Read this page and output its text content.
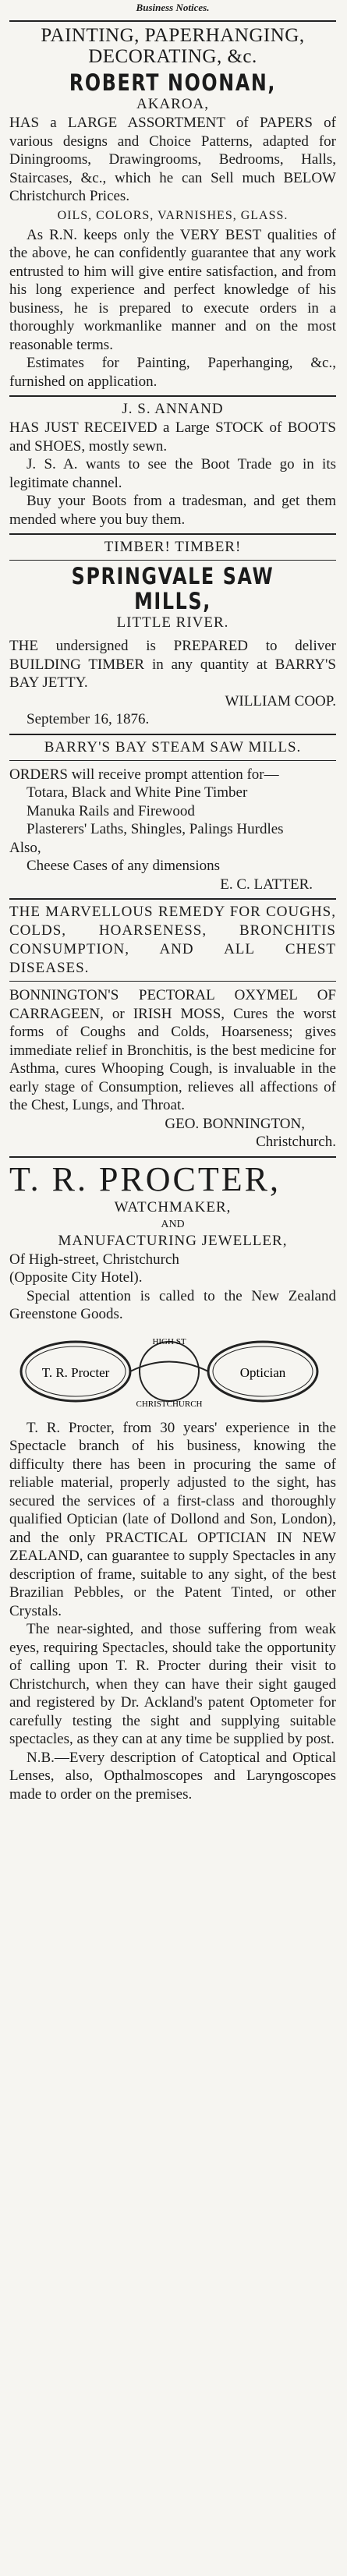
Business Notices.
PAINTING, PAPERHANGING, DECORATING, &c.
ROBERT NOONAN,
AKAROA,

HAS a LARGE ASSORTMENT of PAPERS of various designs and Choice Patterns, adapted for Diningrooms, Drawingrooms, Bedrooms, Halls, Staircases, &c., which he can Sell much BELOW Christchurch Prices.

OILS, COLORS, VARNISHES, GLASS.

As R.N. keeps only the VERY BEST qualities of the above, he can confidently guarantee that any work entrusted to him will give entire satisfaction, and from his long experience and perfect knowledge of his business, he is prepared to execute orders in a thoroughly workmanlike manner and on the most reasonable terms.

Estimates for Painting, Paperhanging, &c., furnished on application.

J. S. ANNAND

HAS JUST RECEIVED a Large STOCK of BOOTS and SHOES, mostly sewn.

J. S. A. wants to see the Boot Trade go in its legitimate channel.

Buy your Boots from a tradesman, and get them mended where you buy them.

TIMBER! TIMBER!
SPRINGVALE SAW MILLS,
LITTLE RIVER.

THE undersigned is PREPARED to deliver BUILDING TIMBER in any quantity at BARRY'S BAY JETTY.

WILLIAM COOP.
September 16, 1876.
BARRY'S BAY STEAM SAW MILLS.

ORDERS will receive prompt attention for—

Totara, Black and White Pine Timber

Manuka Rails and Firewood

Plasterers' Laths, Shingles, Palings Hurdles

Also,

Cheese Cases of any dimensions

E. C. LATTER.
THE MARVELLOUS REMEDY FOR COUGHS, COLDS, HOARSENESS, BRONCHITIS CONSUMPTION, AND ALL CHEST DISEASES.

BONNINGTON'S PECTORAL OXYMEL OF CARRAGEEN, or IRISH MOSS, Cures the worst forms of Coughs and Colds, Hoarseness; gives immediate relief in Bronchitis, is the best medicine for Asthma, cures Whooping Cough, is invaluable in the early stage of Consumption, relieves all affections of the Chest, Lungs, and Throat.

GEO. BONNINGTON,
Christchurch.
T. R. PROCTER,
WATCHMAKER,
AND
MANUFACTURING JEWELLER,
Of High-street, Christchurch
(Opposite City Hotel).

Special attention is called to the New Zealand Greenstone Goods.

HIGH ST
CHRISTCHURCH
T. R. Procter	Optician

T. R. Procter, from 30 years' experience in the Spectacle branch of his business, knowing the difficulty there has been in procuring the same of reliable material, properly adjusted to the sight, has secured the services of a first-class and thoroughly qualified Optician (late of Dollond and Son, London), and the only PRACTICAL OPTICIAN IN NEW ZEALAND, can guarantee to supply Spectacles in any description of frame, suitable to any sight, of the best Brazilian Pebbles, or the Patent Tinted, or other Crystals.

The near-sighted, and those suffering from weak eyes, requiring Spectacles, should take the opportunity of calling upon T. R. Procter during their visit to Christchurch, when they can have their sight gauged and registered by Dr. Ackland's patent Optometer for carefully testing the sight and supplying suitable spectacles, as they can at any time be supplied by post.

N.B.—Every description of Catoptical and Optical Lenses, also, Opthalmoscopes and Laryngoscopes made to order on the premises.
